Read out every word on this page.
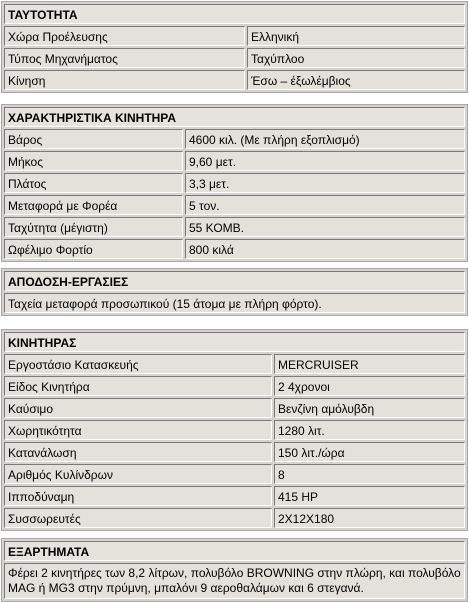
ΤΑΥΤΟΤΗΤΑ	
Χώρα Προέλευσης	Ελληνική
Τύπος Μηχανήματος	Ταχύπλοο
Κίνηση	Έσω – έξωλέμβιος
ΧΑΡΑΚΤΗΡΙΣΤΙΚΑ ΚΙΝΗΤΗΡΑ	
Βάρος	4600 κιλ. (Με πλήρη εξοπλισμό)
Μήκος	9,60 μετ.
Πλάτος	3,3 μετ.
Μεταφορά με Φορέα	5 τον.
Ταχύτητα (μέγιστη)	55 ΚΟΜΒ.
Ωφέλιμο Φορτίο	800 κιλά
ΑΠΟΔΟΣΗ-ΕΡΓΑΣΙΕΣ
Ταχεία μεταφορά προσωπικού (15 άτομα με πλήρη φόρτο).
ΚΙΝΗΤΗΡΑΣ	
Εργοστάσιο Κατασκευής	MERCRUISER
Είδος Κινητήρα	2 4χρονοι
Καύσιμο	Βενζίνη αμόλυβδη
Χωρητικότητα	1280 λιτ.
Κατανάλωση	150 λιτ./ώρα
Αριθμός Κυλίνδρων	8
Ιπποδύναμη	415 HP
Συσσωρευτές	2Χ12Χ180
ΕΞΑΡΤΗΜΑΤΑ
Φέρει 2 κινητήρες των 8,2 λίτρων, πολυβόλο BROWNING στην πλώρη, και πολυβόλο MAG ή MG3 στην πρύμνη, μπαλόνι 9 αεροθαλάμων και 6 στεγανά.
